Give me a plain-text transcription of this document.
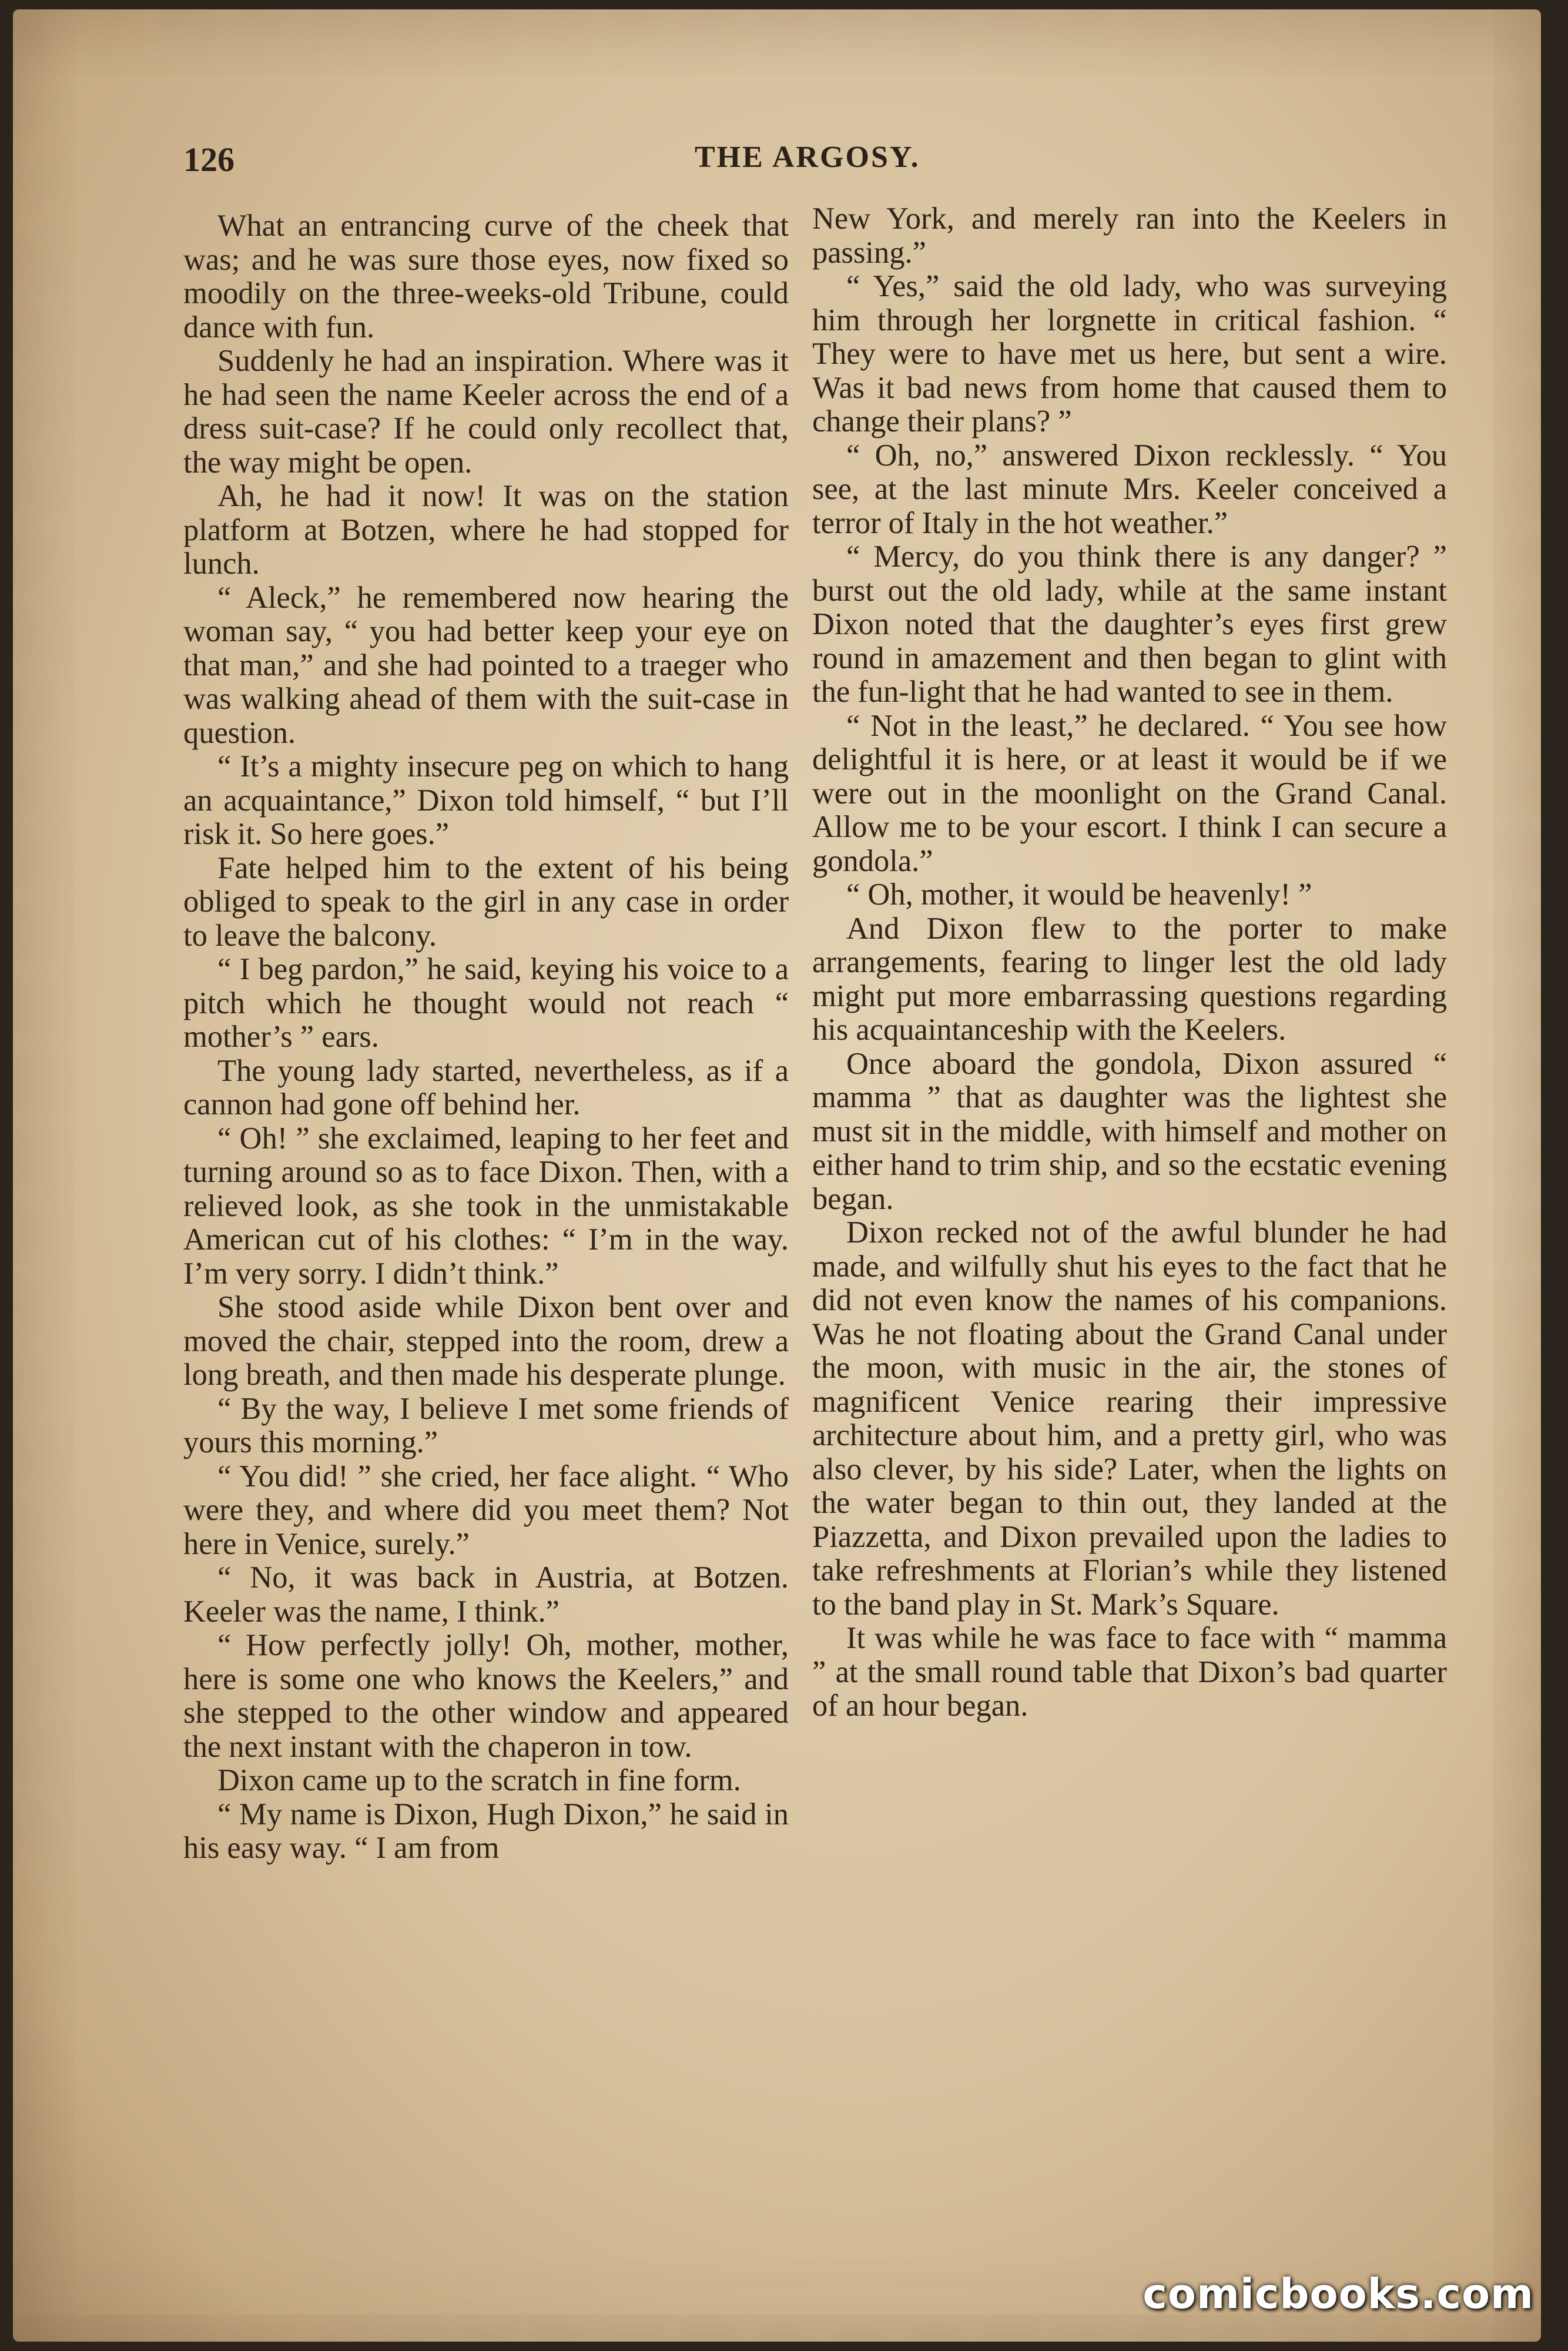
126	THE ARGOSY.

What an entrancing curve of the cheek that was; and he was sure those eyes, now fixed so moodily on the three-weeks-old Tribune, could dance with fun.

Suddenly he had an inspiration. Where was it he had seen the name Keeler across the end of a dress suit-case? If he could only recollect that, the way might be open.

Ah, he had it now! It was on the station platform at Botzen, where he had stopped for lunch.

“ Aleck,” he remembered now hearing the woman say, “ you had better keep your eye on that man,” and she had pointed to a traeger who was walking ahead of them with the suit-case in question.

“ It’s a mighty insecure peg on which to hang an acquaintance,” Dixon told himself, “ but I’ll risk it. So here goes.”

Fate helped him to the extent of his being obliged to speak to the girl in any case in order to leave the balcony.

“ I beg pardon,” he said, keying his voice to a pitch which he thought would not reach “ mother’s ” ears.

The young lady started, nevertheless, as if a cannon had gone off behind her.

“ Oh! ” she exclaimed, leaping to her feet and turning around so as to face Dixon. Then, with a relieved look, as she took in the unmistakable American cut of his clothes: “ I’m in the way. I’m very sorry. I didn’t think.”

She stood aside while Dixon bent over and moved the chair, stepped into the room, drew a long breath, and then made his desperate plunge.

“ By the way, I believe I met some friends of yours this morning.”

“ You did! ” she cried, her face alight. “ Who were they, and where did you meet them? Not here in Venice, surely.”

“ No, it was back in Austria, at Botzen. Keeler was the name, I think.”

“ How perfectly jolly! Oh, mother, mother, here is some one who knows the Keelers,” and she stepped to the other window and appeared the next instant with the chaperon in tow.

Dixon came up to the scratch in fine form.

“ My name is Dixon, Hugh Dixon,” he said in his easy way. “ I am from

New York, and merely ran into the Keelers in passing.”

“ Yes,” said the old lady, who was surveying him through her lorgnette in critical fashion. “ They were to have met us here, but sent a wire. Was it bad news from home that caused them to change their plans? ”

“ Oh, no,” answered Dixon recklessly. “ You see, at the last minute Mrs. Keeler conceived a terror of Italy in the hot weather.”

“ Mercy, do you think there is any danger? ” burst out the old lady, while at the same instant Dixon noted that the daughter’s eyes first grew round in amazement and then began to glint with the fun-light that he had wanted to see in them.

“ Not in the least,” he declared. “ You see how delightful it is here, or at least it would be if we were out in the moonlight on the Grand Canal. Allow me to be your escort. I think I can secure a gondola.”

“ Oh, mother, it would be heavenly! ”

And Dixon flew to the porter to make arrangements, fearing to linger lest the old lady might put more embarrassing questions regarding his acquaintanceship with the Keelers.

Once aboard the gondola, Dixon assured “ mamma ” that as daughter was the lightest she must sit in the middle, with himself and mother on either hand to trim ship, and so the ecstatic evening began.

Dixon recked not of the awful blunder he had made, and wilfully shut his eyes to the fact that he did not even know the names of his companions. Was he not floating about the Grand Canal under the moon, with music in the air, the stones of magnificent Venice rearing their impressive architecture about him, and a pretty girl, who was also clever, by his side? Later, when the lights on the water began to thin out, they landed at the Piazzetta, and Dixon prevailed upon the ladies to take refreshments at Florian’s while they listened to the band play in St. Mark’s Square.

It was while he was face to face with “ mamma ” at the small round table that Dixon’s bad quarter of an hour began.

comicbooks.com
